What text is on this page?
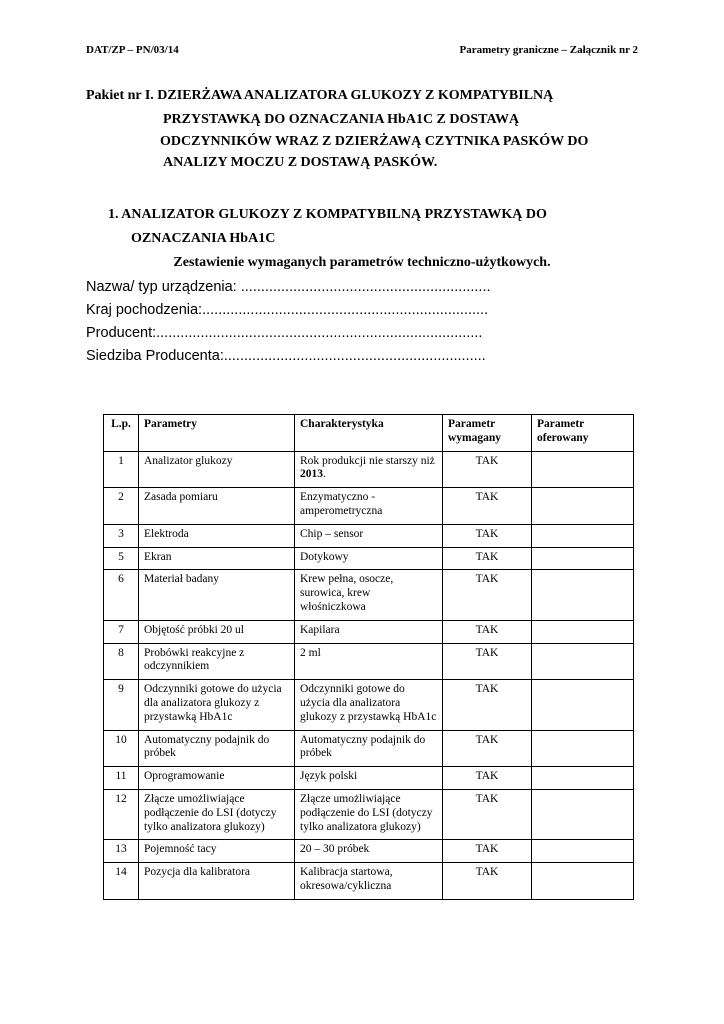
DAT/ZP – PN/03/14	Parametry graniczne – Załącznik nr 2
Pakiet nr I. DZIERŻAWA ANALIZATORA GLUKOZY Z KOMPATYBILNĄ
PRZYSTAWKĄ DO OZNACZANIA HbA1C Z DOSTAWĄ
ODCZYNNIKÓW WRAZ Z DZIERŻAWĄ CZYTNIKA PASKÓW DO
ANALIZY MOCZU Z DOSTAWĄ PASKÓW.
1. ANALIZATOR GLUKOZY Z KOMPATYBILNĄ PRZYSTAWKĄ DO
OZNACZANIA HbA1C
Zestawienie wymaganych parametrów techniczno-użytkowych.
Nazwa/ typ urządzenia: ..............................................................
Kraj pochodzenia:.......................................................................
Producent:.................................................................................
Siedziba Producenta:.................................................................
L.p.	Parametry	Charakterystyka	Parametr wymagany	Parametr oferowany
1	Analizator glukozy	Rok produkcji nie starszy niż 2013.	TAK	
2	Zasada pomiaru	Enzymatyczno - amperometryczna	TAK	
3	Elektroda	Chip – sensor	TAK	
5	Ekran	Dotykowy	TAK	
6	Materiał badany	Krew pełna, osocze, surowica, krew włośniczkowa	TAK	
7	Objętość próbki 20 ul	Kapilara	TAK	
8	Probówki reakcyjne z odczynnikiem	2 ml	TAK	
9	Odczynniki gotowe do użycia dla analizatora glukozy z przystawką HbA1c	Odczynniki gotowe do użycia dla analizatora glukozy z przystawką HbA1c	TAK	
10	Automatyczny podajnik do próbek	Automatyczny podajnik do próbek	TAK	
11	Oprogramowanie	Język polski	TAK	
12	Złącze umożliwiające podłączenie do LSI (dotyczy tylko analizatora glukozy)	Złącze umożliwiające podłączenie do LSI (dotyczy tylko analizatora glukozy)	TAK	
13	Pojemność tacy	20 – 30 próbek	TAK	
14	Pozycja dla kalibratora	Kalibracja startowa, okresowa/cykliczna	TAK	
